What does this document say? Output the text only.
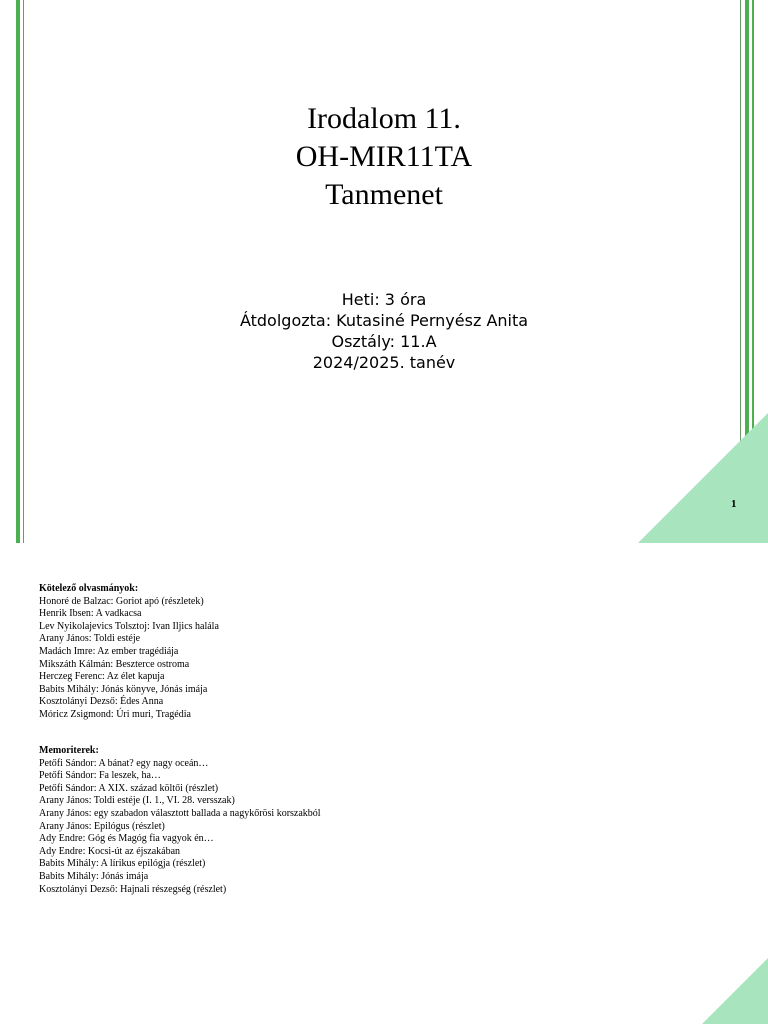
Irodalom 11.
OH-MIR11TA
Tanmenet
Heti: 3 óra
Átdolgozta: Kutasiné Pernyész Anita
Osztály: 11.A
2024/2025. tanév
1
Kötelező olvasmányok:
Honoré de Balzac: Goriot apó (részletek)
Henrik Ibsen: A vadkacsa
Lev Nyikolajevics Tolsztoj: Ivan Iljics halála
Arany János: Toldi estéje
Madách Imre: Az ember tragédiája
Mikszáth Kálmán: Beszterce ostroma
Herczeg Ferenc: Az élet kapuja
Babits Mihály: Jónás könyve, Jónás imája
Kosztolányi Dezső: Édes Anna
Móricz Zsigmond: Úri muri, Tragédia
Memoriterek:
Petőfi Sándor: A bánat? egy nagy oceán…
Petőfi Sándor: Fa leszek, ha…
Petőfi Sándor: A XIX. század költői (részlet)
Arany János: Toldi estéje (I. 1., VI. 28. versszak)
Arany János: egy szabadon választott ballada a nagykőrösi korszakból
Arany János: Epilógus (részlet)
Ady Endre: Góg és Magóg fia vagyok én…
Ady Endre: Kocsi-út az éjszakában
Babits Mihály: A lírikus epilógja (részlet)
Babits Mihály: Jónás imája
Kosztolányi Dezső: Hajnali részegség (részlet)
